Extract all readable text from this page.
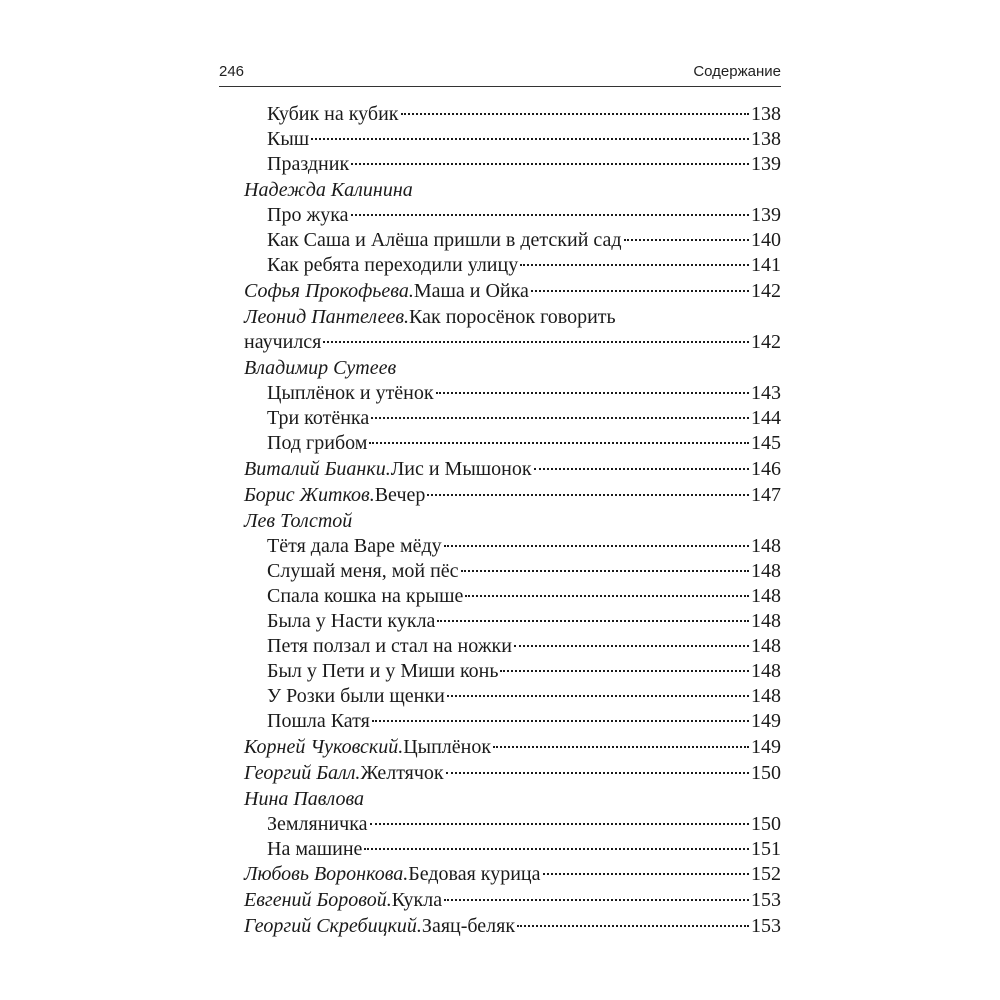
246	Содержание
Кубик на кубик	138
Кыш	138
Праздник	139
Надежда Калинина
Про жука	139
Как Саша и Алёша пришли в детский сад	140
Как ребята переходили улицу	141
Софья Прокофьева. Маша и Ойка	142
Леонид Пантелеев. Как поросёнок говорить
научился	142
Владимир Сутеев
Цыплёнок и утёнок	143
Три котёнка	144
Под грибом	145
Виталий Бианки. Лис и Мышонок	146
Борис Житков. Вечер	147
Лев Толстой
Тётя дала Варе мёду	148
Слушай меня, мой пёс	148
Спала кошка на крыше	148
Была у Насти кукла	148
Петя ползал и стал на ножки	148
Был у Пети и у Миши конь	148
У Розки были щенки	148
Пошла Катя	149
Корней Чуковский. Цыплёнок	149
Георгий Балл. Желтячок	150
Нина Павлова
Земляничка	150
На машине	151
Любовь Воронкова. Бедовая курица	152
Евгений Боровой. Кукла	153
Георгий Скребицкий. Заяц-беляк	153
